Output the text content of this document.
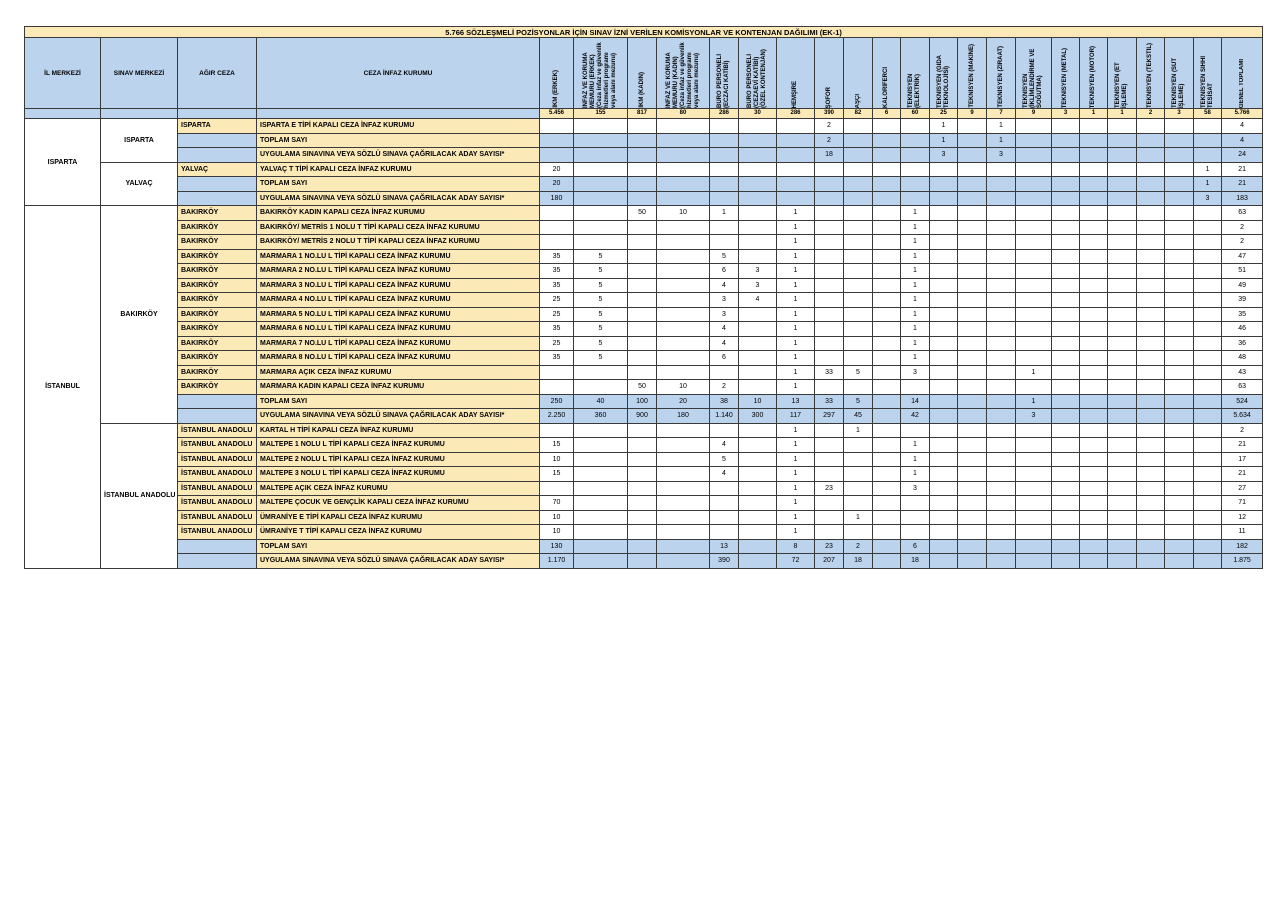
5.766 SÖZLEŞMELİ POZİSYONLAR İÇİN SINAV İZNİ VERİLEN KOMİSYONLAR VE KONTENJAN DAĞILIMI (EK-1)																									
İL MERKEZİ	SINAV MERKEZİ	AĞIR CEZA	CEZA İNFAZ KURUMU	İKM (ERKEK)	İNFAZ VE KORUMA MEMURU (ERKEK) (Ceza infaz ve güvenlik hizmetleri programı veya alanı mezunu)	İKM (KADIN)	İNFAZ VE KORUMA MEMURU (KADIN) (Ceza infaz ve güvenlik hizmetleri programı veya alanı mezunu)	BÜRO PERSONELİ (ECZACI KATİBİ)	BÜRO PERSONELİ (CEZAEVİ KATİBİ) (ÖZEL KONTENJAN)	HEMŞİRE	ŞOFÖR	AŞÇI	KALORİFERCİ	TEKNİSYEN (ELEKTRİK)	TEKNİSYEN (GIDA TEKNOLOJİSİ)	TEKNİSYEN (MAKİNE)	TEKNİSYEN (ZİRAAT)	TEKNİSYEN (İKLİMLENDİRME VE SOĞUTMA)	TEKNİSYEN (METAL)	TEKNİSYEN (MOTOR)	TEKNİSYEN (ET İŞLEME)	TEKNİSYEN (TEKSTİL)	TEKNİSYEN (SÜT İŞLEME)	TEKNİSYEN SIHHİ TESİSAT	GENEL TOPLAMI

				5.456	155	817	80	286	30	286	390	82	6	60	25	9	7	9	3	1	1	2	3	58	5.766
ISPARTA	ISPARTA	ISPARTA	ISPARTA E TİPİ KAPALI CEZA İNFAZ KURUMU								2				1		1								4
			TOPLAM SAYI								2				1		1								4
			UYGULAMA SINAVINA VEYA SÖZLÜ SINAVA ÇAĞRILACAK ADAY SAYISI*								18				3		3								24
	YALVAÇ	YALVAÇ	YALVAÇ T TİPİ KAPALI CEZA İNFAZ KURUMU	20																				1	21
			TOPLAM SAYI	20																				1	21
			UYGULAMA SINAVINA VEYA SÖZLÜ SINAVA ÇAĞRILACAK ADAY SAYISI*	180																				3	183
İSTANBUL	BAKIRKÖY	BAKIRKÖY	BAKIRKÖY KADIN KAPALI CEZA İNFAZ KURUMU			50	10	1		1				1											63
		BAKIRKÖY	BAKIRKÖY/ METRİS 1 NOLU T TİPİ KAPALI CEZA İNFAZ KURUMU							1				1											2
		BAKIRKÖY	BAKIRKÖY/ METRİS 2 NOLU T TİPİ KAPALI CEZA İNFAZ KURUMU							1				1											2
		BAKIRKÖY	MARMARA 1 NO.LU L TİPİ KAPALI CEZA İNFAZ KURUMU	35	5			5		1				1											47
		BAKIRKÖY	MARMARA 2 NO.LU L TİPİ KAPALI CEZA İNFAZ KURUMU	35	5			6	3	1				1											51
		BAKIRKÖY	MARMARA 3 NO.LU L TİPİ KAPALI CEZA İNFAZ KURUMU	35	5			4	3	1				1											49
		BAKIRKÖY	MARMARA 4 NO.LU L TİPİ KAPALI CEZA İNFAZ KURUMU	25	5			3	4	1				1											39
		BAKIRKÖY	MARMARA 5 NO.LU L TİPİ KAPALI CEZA İNFAZ KURUMU	25	5			3		1				1											35
		BAKIRKÖY	MARMARA 6 NO.LU L TİPİ KAPALI CEZA İNFAZ KURUMU	35	5			4		1				1											46
		BAKIRKÖY	MARMARA 7 NO.LU L TİPİ KAPALI CEZA İNFAZ KURUMU	25	5			4		1				1											36
		BAKIRKÖY	MARMARA 8 NO.LU L TİPİ KAPALI CEZA İNFAZ KURUMU	35	5			6		1				1											48
		BAKIRKÖY	MARMARA AÇIK CEZA İNFAZ KURUMU							1	33	5		3				1							43
		BAKIRKÖY	MARMARA KADIN KAPALI CEZA İNFAZ KURUMU			50	10	2		1															63
			TOPLAM SAYI	250	40	100	20	38	10	13	33	5		14				1							524
			UYGULAMA SINAVINA VEYA SÖZLÜ SINAVA ÇAĞRILACAK ADAY SAYISI*	2.250	360	900	180	1.140	300	117	297	45		42				3							5.634
	İSTANBUL ANADOLU	İSTANBUL ANADOLU	KARTAL H TİPİ KAPALI CEZA İNFAZ KURUMU							1		1													2
		İSTANBUL ANADOLU	MALTEPE 1 NOLU L TİPİ KAPALI CEZA İNFAZ KURUMU	15				4		1				1											21
		İSTANBUL ANADOLU	MALTEPE 2 NOLU L TİPİ KAPALI CEZA İNFAZ KURUMU	10				5		1				1											17
		İSTANBUL ANADOLU	MALTEPE 3 NOLU L TİPİ KAPALI CEZA İNFAZ KURUMU	15				4		1				1											21
		İSTANBUL ANADOLU	MALTEPE AÇIK CEZA İNFAZ KURUMU							1	23			3											27
		İSTANBUL ANADOLU	MALTEPE ÇOCUK VE GENÇLİK KAPALI CEZA İNFAZ KURUMU	70						1															71
		İSTANBUL ANADOLU	ÜMRANİYE E TİPİ KAPALI CEZA İNFAZ KURUMU	10						1		1													12
		İSTANBUL ANADOLU	ÜMRANİYE T TİPİ KAPALI CEZA İNFAZ KURUMU	10						1															11
			TOPLAM SAYI	130				13		8	23	2		6											182
			UYGULAMA SINAVINA VEYA SÖZLÜ SINAVA ÇAĞRILACAK ADAY SAYISI*	1.170				390		72	207	18		18											1.875
